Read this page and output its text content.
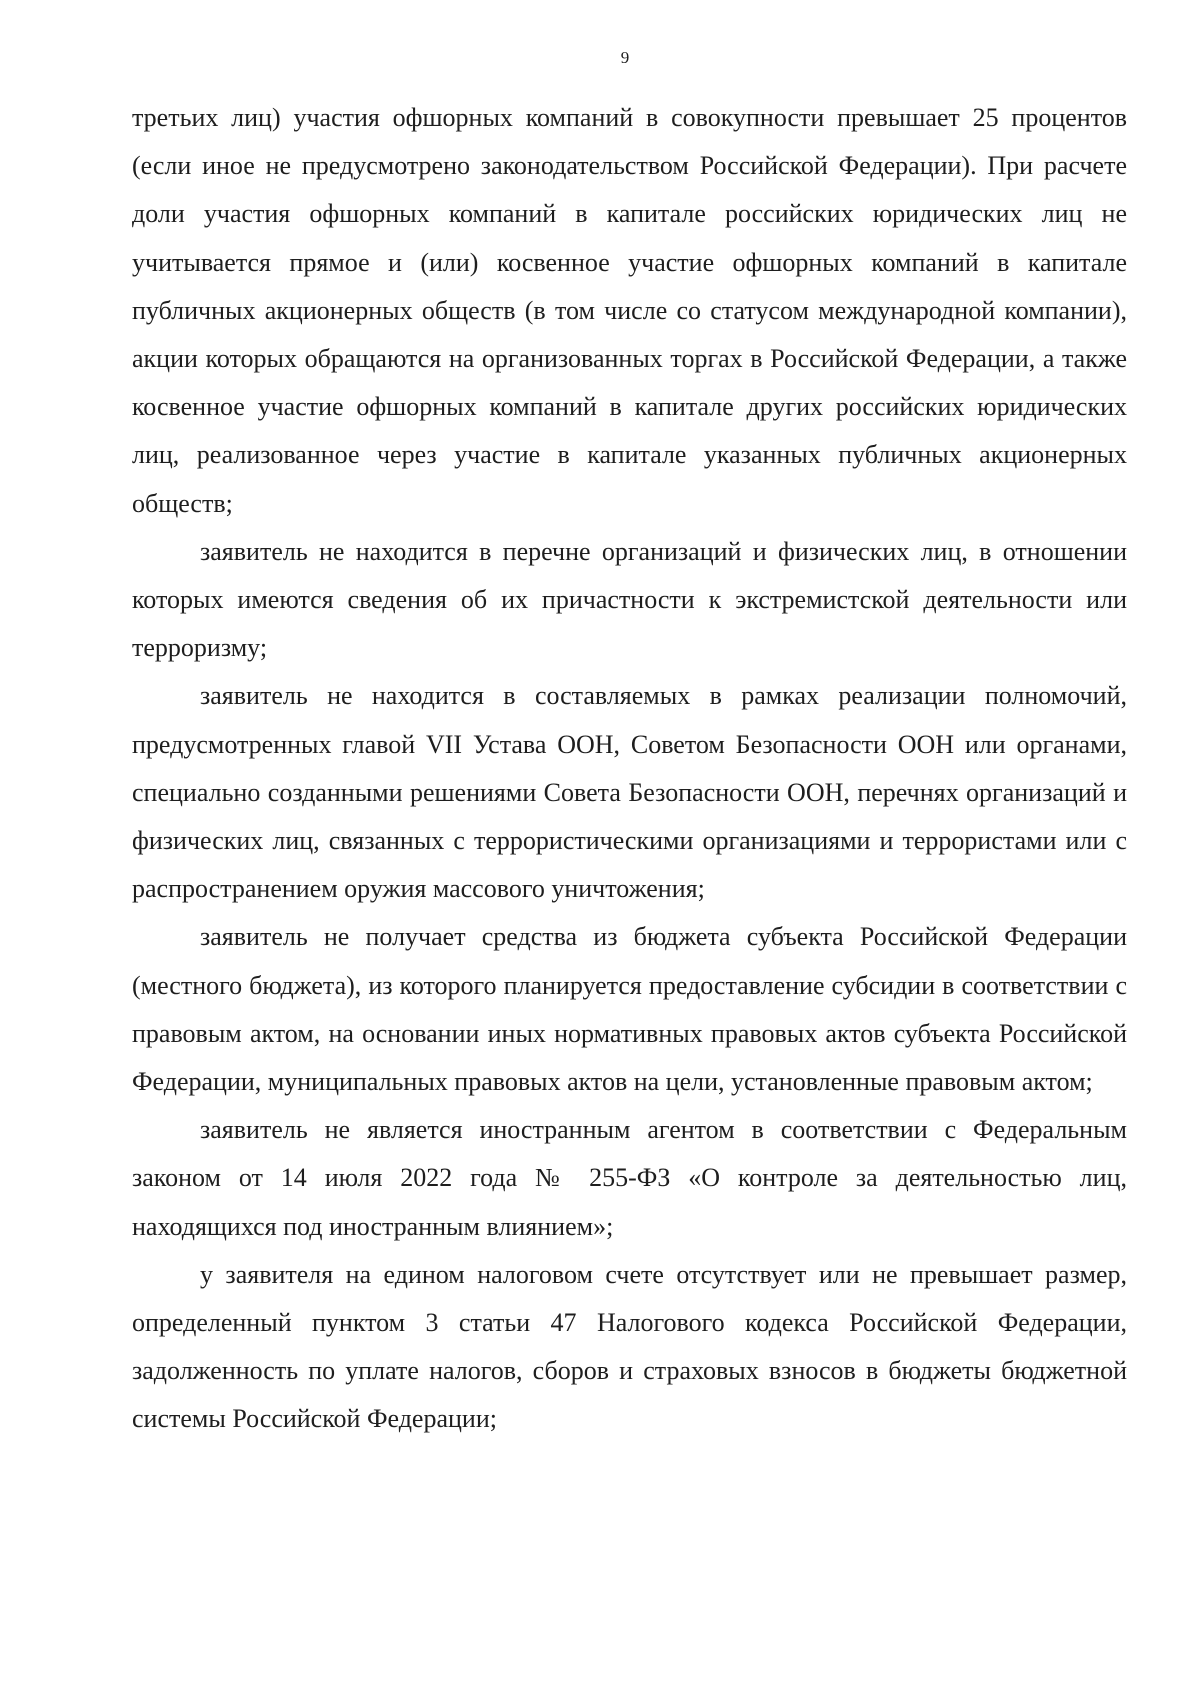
9

третьих лиц) участия офшорных компаний в совокупности превышает 25 процентов (если иное не предусмотрено законодательством Российской Федерации). При расчете доли участия офшорных компаний в капитале российских юридических лиц не учитывается прямое и (или) косвенное участие офшорных компаний в капитале публичных акционерных обществ (в том числе со статусом международной компании), акции которых обращаются на организованных торгах в Российской Федерации, а также косвенное участие офшорных компаний в капитале других российских юридических лиц, реализованное через участие в капитале указанных публичных акционерных обществ;

заявитель не находится в перечне организаций и физических лиц, в отношении которых имеются сведения об их причастности к экстремистской деятельности или терроризму;

заявитель не находится в составляемых в рамках реализации полномочий, предусмотренных главой VII Устава ООН, Советом Безопасности ООН или органами, специально созданными решениями Совета Безопасности ООН, перечнях организаций и физических лиц, связанных с террористическими организациями и террористами или с распространением оружия массового уничтожения;

заявитель не получает средства из бюджета субъекта Российской Федерации (местного бюджета), из которого планируется предоставление субсидии в соответствии с правовым актом, на основании иных нормативных правовых актов субъекта Российской Федерации, муниципальных правовых актов на цели, установленные правовым актом;

заявитель не является иностранным агентом в соответствии с Федеральным законом от 14 июля 2022 года № 255-ФЗ «О контроле за деятельностью лиц, находящихся под иностранным влиянием»;

у заявителя на едином налоговом счете отсутствует или не превышает размер, определенный пунктом 3 статьи 47 Налогового кодекса Российской Федерации, задолженность по уплате налогов, сборов и страховых взносов в бюджеты бюджетной системы Российской Федерации;
